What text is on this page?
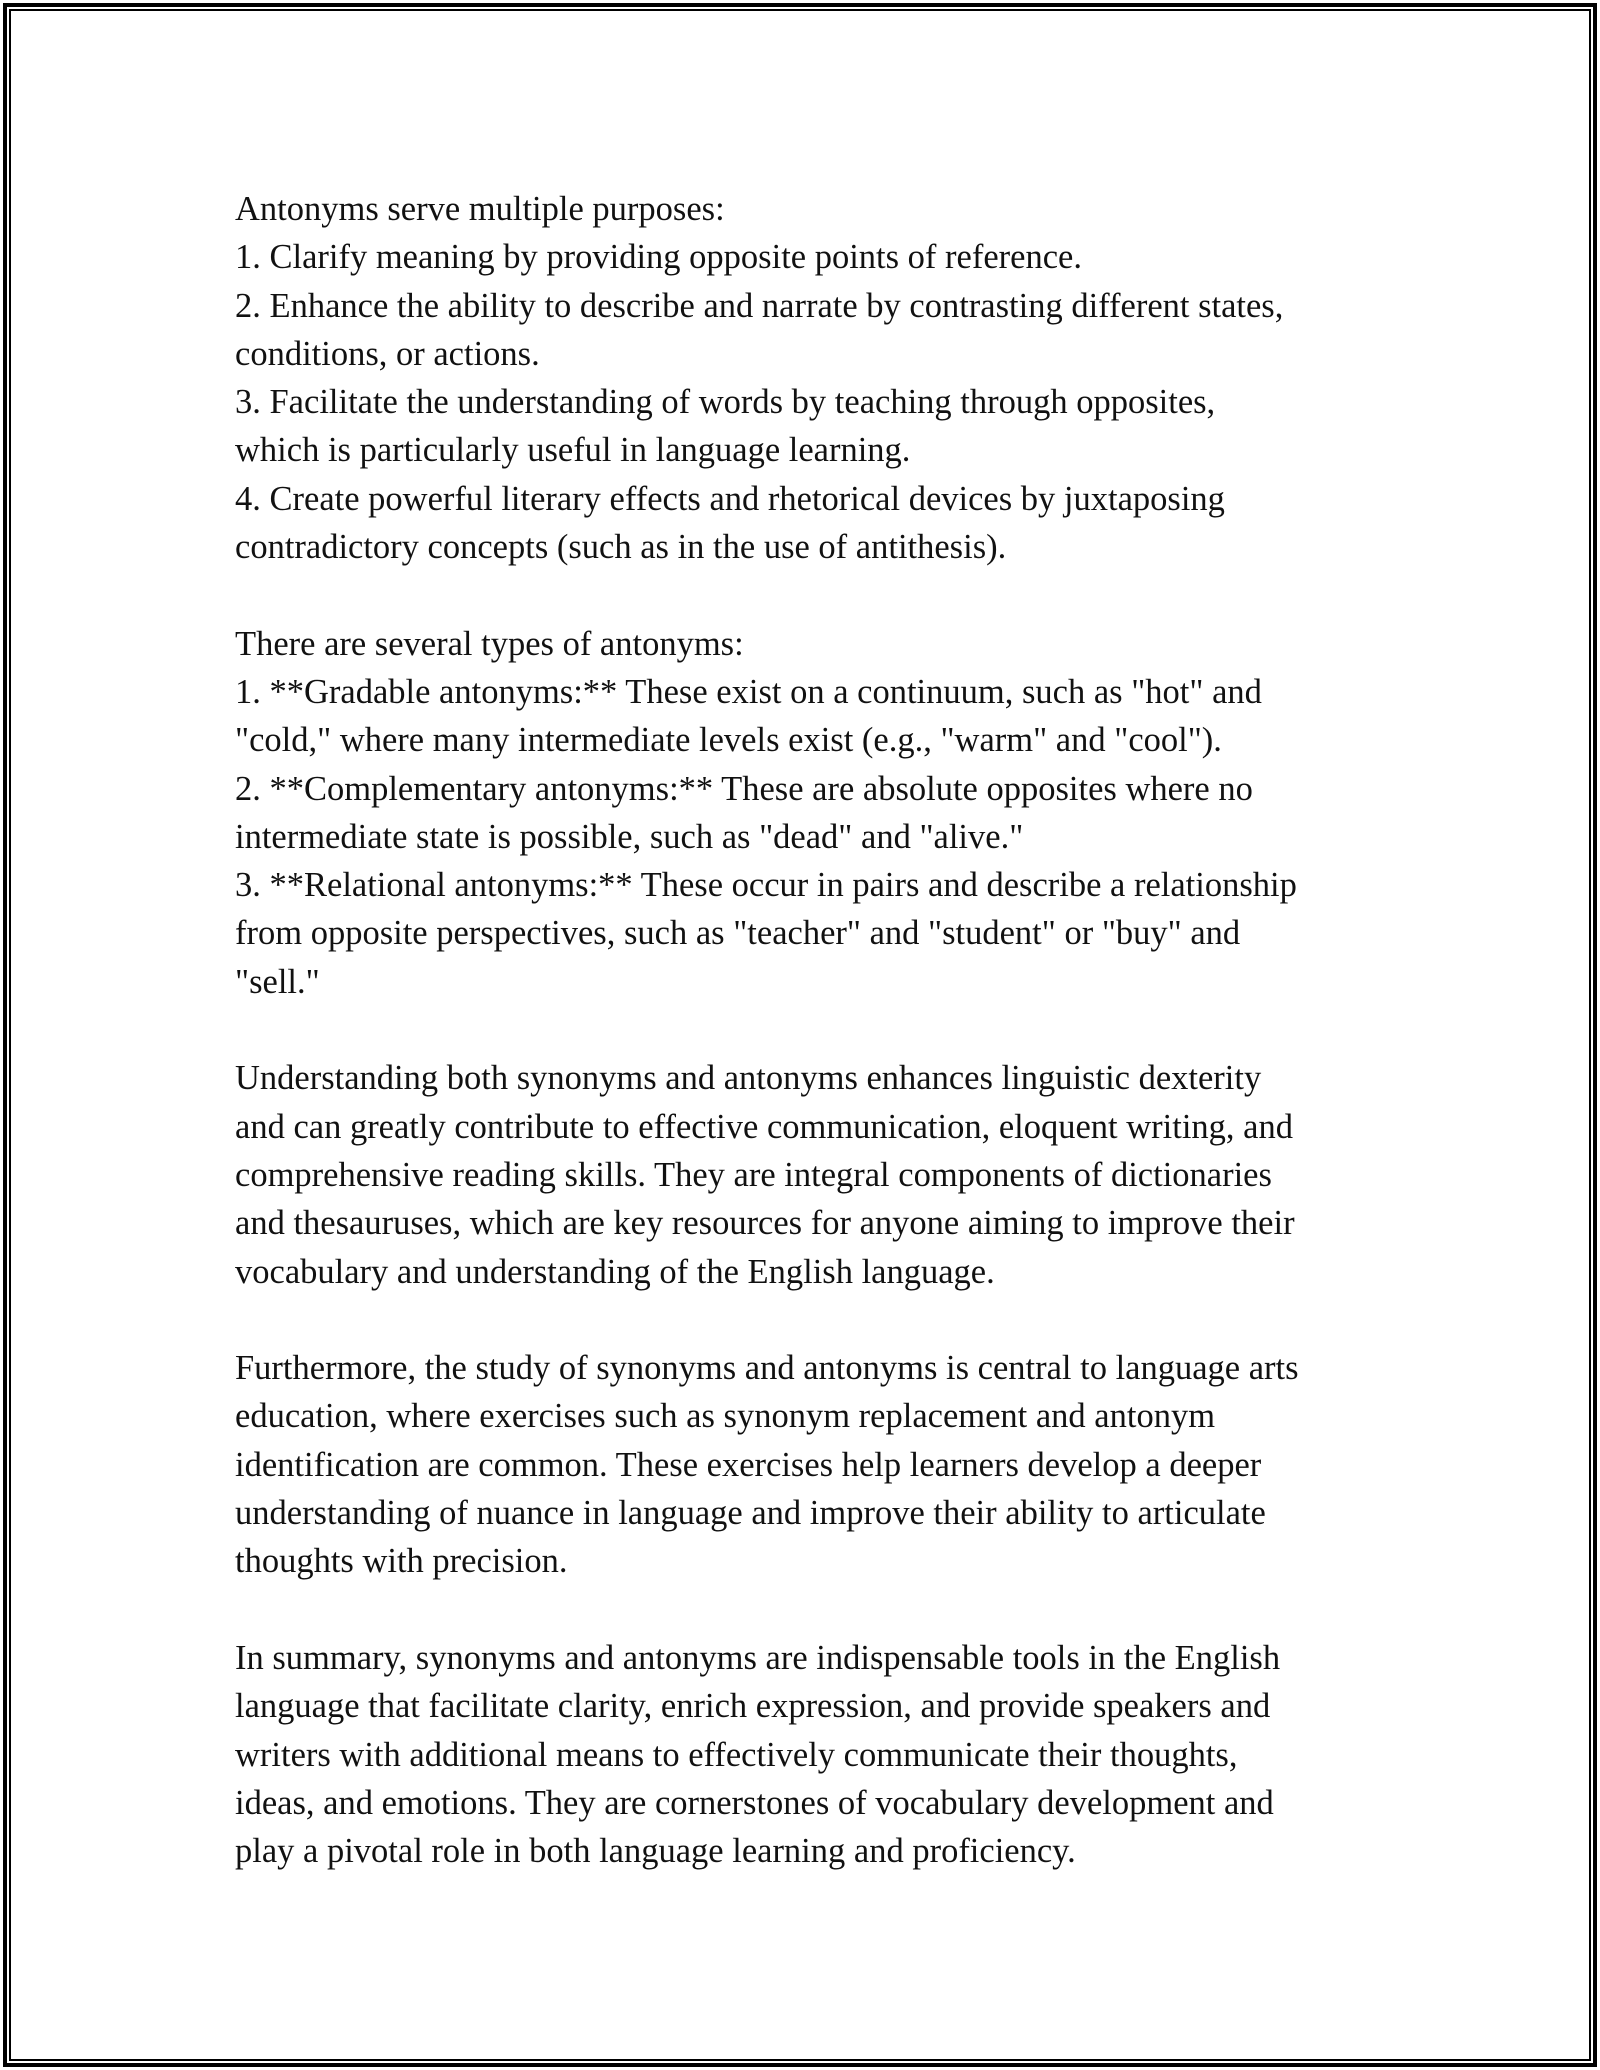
Antonyms serve multiple purposes:
1. Clarify meaning by providing opposite points of reference.
2. Enhance the ability to describe and narrate by contrasting different states,
conditions, or actions.
3. Facilitate the understanding of words by teaching through opposites,
which is particularly useful in language learning.
4. Create powerful literary effects and rhetorical devices by juxtaposing
contradictory concepts (such as in the use of antithesis).

There are several types of antonyms:
1. **Gradable antonyms:** These exist on a continuum, such as "hot" and
"cold," where many intermediate levels exist (e.g., "warm" and "cool").
2. **Complementary antonyms:** These are absolute opposites where no
intermediate state is possible, such as "dead" and "alive."
3. **Relational antonyms:** These occur in pairs and describe a relationship
from opposite perspectives, such as "teacher" and "student" or "buy" and
"sell."

Understanding both synonyms and antonyms enhances linguistic dexterity
and can greatly contribute to effective communication, eloquent writing, and
comprehensive reading skills. They are integral components of dictionaries
and thesauruses, which are key resources for anyone aiming to improve their
vocabulary and understanding of the English language.

Furthermore, the study of synonyms and antonyms is central to language arts
education, where exercises such as synonym replacement and antonym
identification are common. These exercises help learners develop a deeper
understanding of nuance in language and improve their ability to articulate
thoughts with precision.

In summary, synonyms and antonyms are indispensable tools in the English
language that facilitate clarity, enrich expression, and provide speakers and
writers with additional means to effectively communicate their thoughts,
ideas, and emotions. They are cornerstones of vocabulary development and
play a pivotal role in both language learning and proficiency.
